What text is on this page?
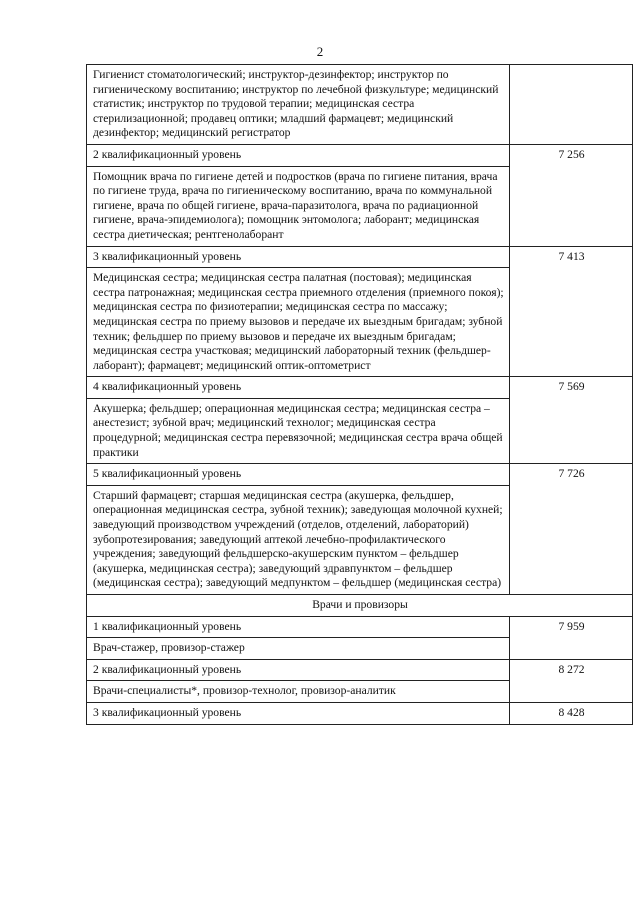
2
Гигиенист стоматологический; инструктор-дезинфектор; инструктор по гигиеническому воспитанию; инструктор по лечебной физкультуре; медицинский статистик; инструктор по трудовой терапии; медицинская сестра стерилизационной; продавец оптики; младший фармацевт; медицинский дезинфектор; медицинский регистратор	
2 квалификационный уровень	7 256
Помощник врача по гигиене детей и подростков (врача по гигиене питания, врача по гигиене труда, врача по гигиеническому воспитанию, врача по коммунальной гигиене, врача по общей гигиене, врача-паразитолога, врача по радиационной гигиене, врача-эпидемиолога); помощник энтомолога; лаборант; медицинская сестра диетическая; рентгенолаборант	
3 квалификационный уровень	7 413
Медицинская сестра; медицинская сестра палатная (постовая); медицинская сестра патронажная; медицинская сестра приемного отделения (приемного покоя); медицинская сестра по физиотерапии; медицинская сестра по массажу; медицинская сестра по приему вызовов и передаче их выездным бригадам; зубной техник; фельдшер по приему вызовов и передаче их выездным бригадам; медицинская сестра участковая; медицинский лабораторный техник (фельдшер-лаборант); фармацевт; медицинский оптик-оптометрист	
4 квалификационный уровень	7 569
Акушерка; фельдшер; операционная медицинская сестра; медицинская сестра – анестезист; зубной врач; медицинский технолог; медицинская сестра процедурной; медицинская сестра перевязочной; медицинская сестра врача общей практики	
5 квалификационный уровень	7 726
Старший фармацевт; старшая медицинская сестра (акушерка, фельдшер, операционная медицинская сестра, зубной техник); заведующая молочной кухней; заведующий производством учреждений (отделов, отделений, лабораторий) зубопротезирования; заведующий аптекой лечебно-профилактического учреждения; заведующий фельдшерско-акушерским пунктом – фельдшер (акушерка, медицинская сестра); заведующий здравпунктом – фельдшер (медицинская сестра); заведующий медпунктом – фельдшер (медицинская сестра)	
Врачи и провизоры	
1 квалификационный уровень	7 959
Врач-стажер, провизор-стажер	
2 квалификационный уровень	8 272
Врачи-специалисты*, провизор-технолог, провизор-аналитик	
3 квалификационный уровень	8 428
